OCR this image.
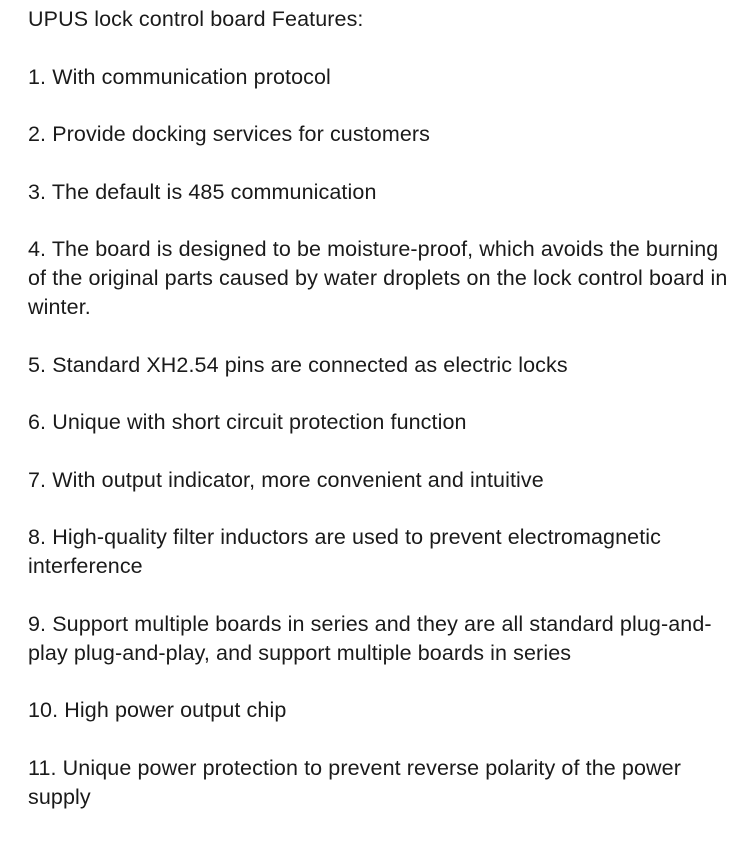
UPUS lock control board Features:

1. With communication protocol
2. Provide docking services for customers
3. The default is 485 communication
4. The board is designed to be moisture-proof, which avoids the burning of the original parts caused by water droplets on the lock control board in winter.
5. Standard XH2.54 pins are connected as electric locks
6. Unique with short circuit protection function
7. With output indicator, more convenient and intuitive
8. High-quality filter inductors are used to prevent electromagnetic interference
9. Support multiple boards in series and they are all standard plug-and-play plug-and-play, and support multiple boards in series
10. High power output chip
11. Unique power protection to prevent reverse polarity of the power supply
